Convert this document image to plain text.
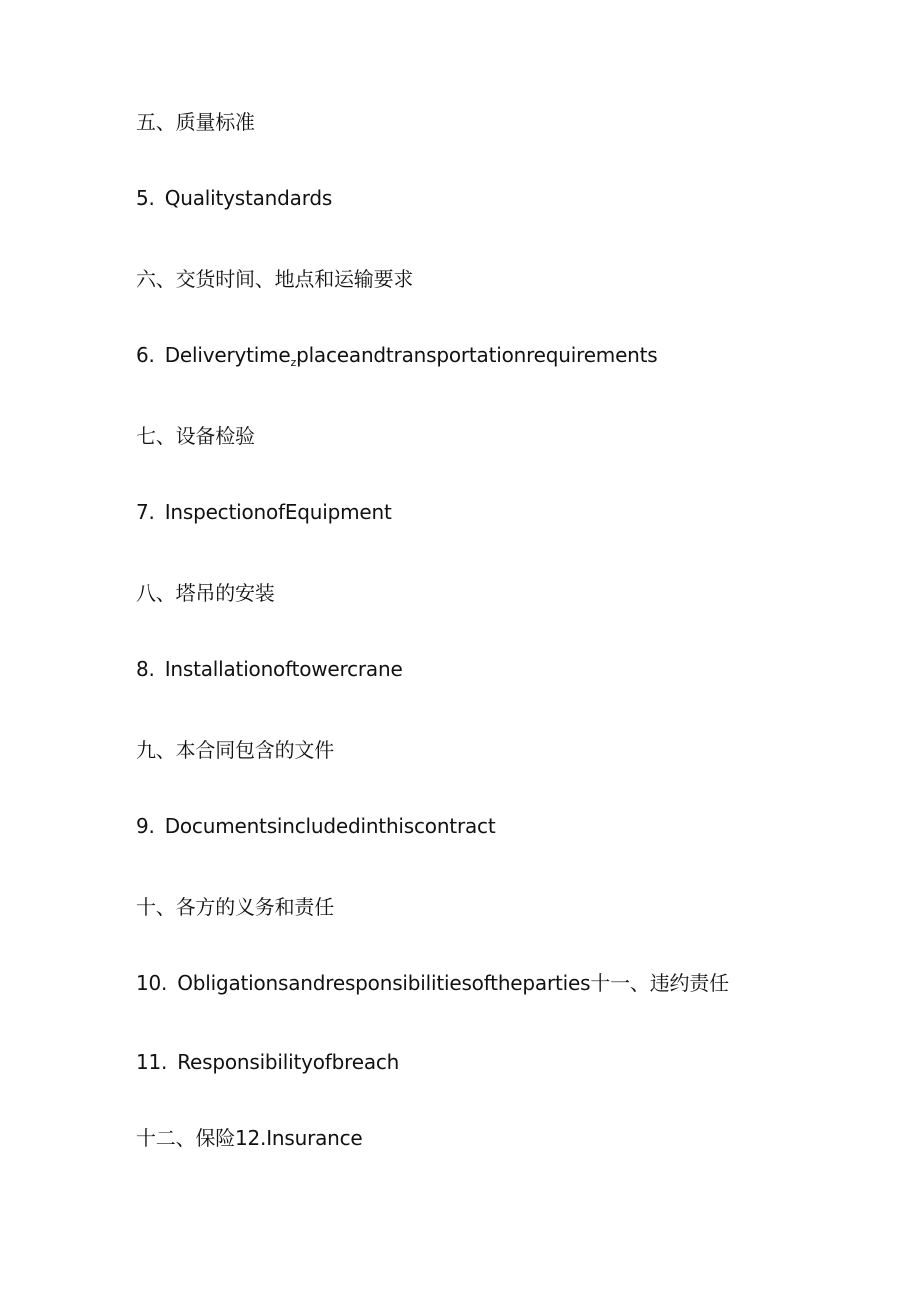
五、质量标准
5. Qualitystandards
六、交货时间、地点和运输要求
6. Deliverytime$_z$placeandtransportationrequirements
七、设备检验
7. InspectionofEquipment
八、塔吊的安装
8. Installationoftowercrane
九、本合同包含的文件
9. Documentsincludedinthiscontract
十、各方的义务和责任
10. Obligationsandresponsibilitiesoftheparties十一、违约责任
11. Responsibilityofbreach
十二、保险12.Insurance
